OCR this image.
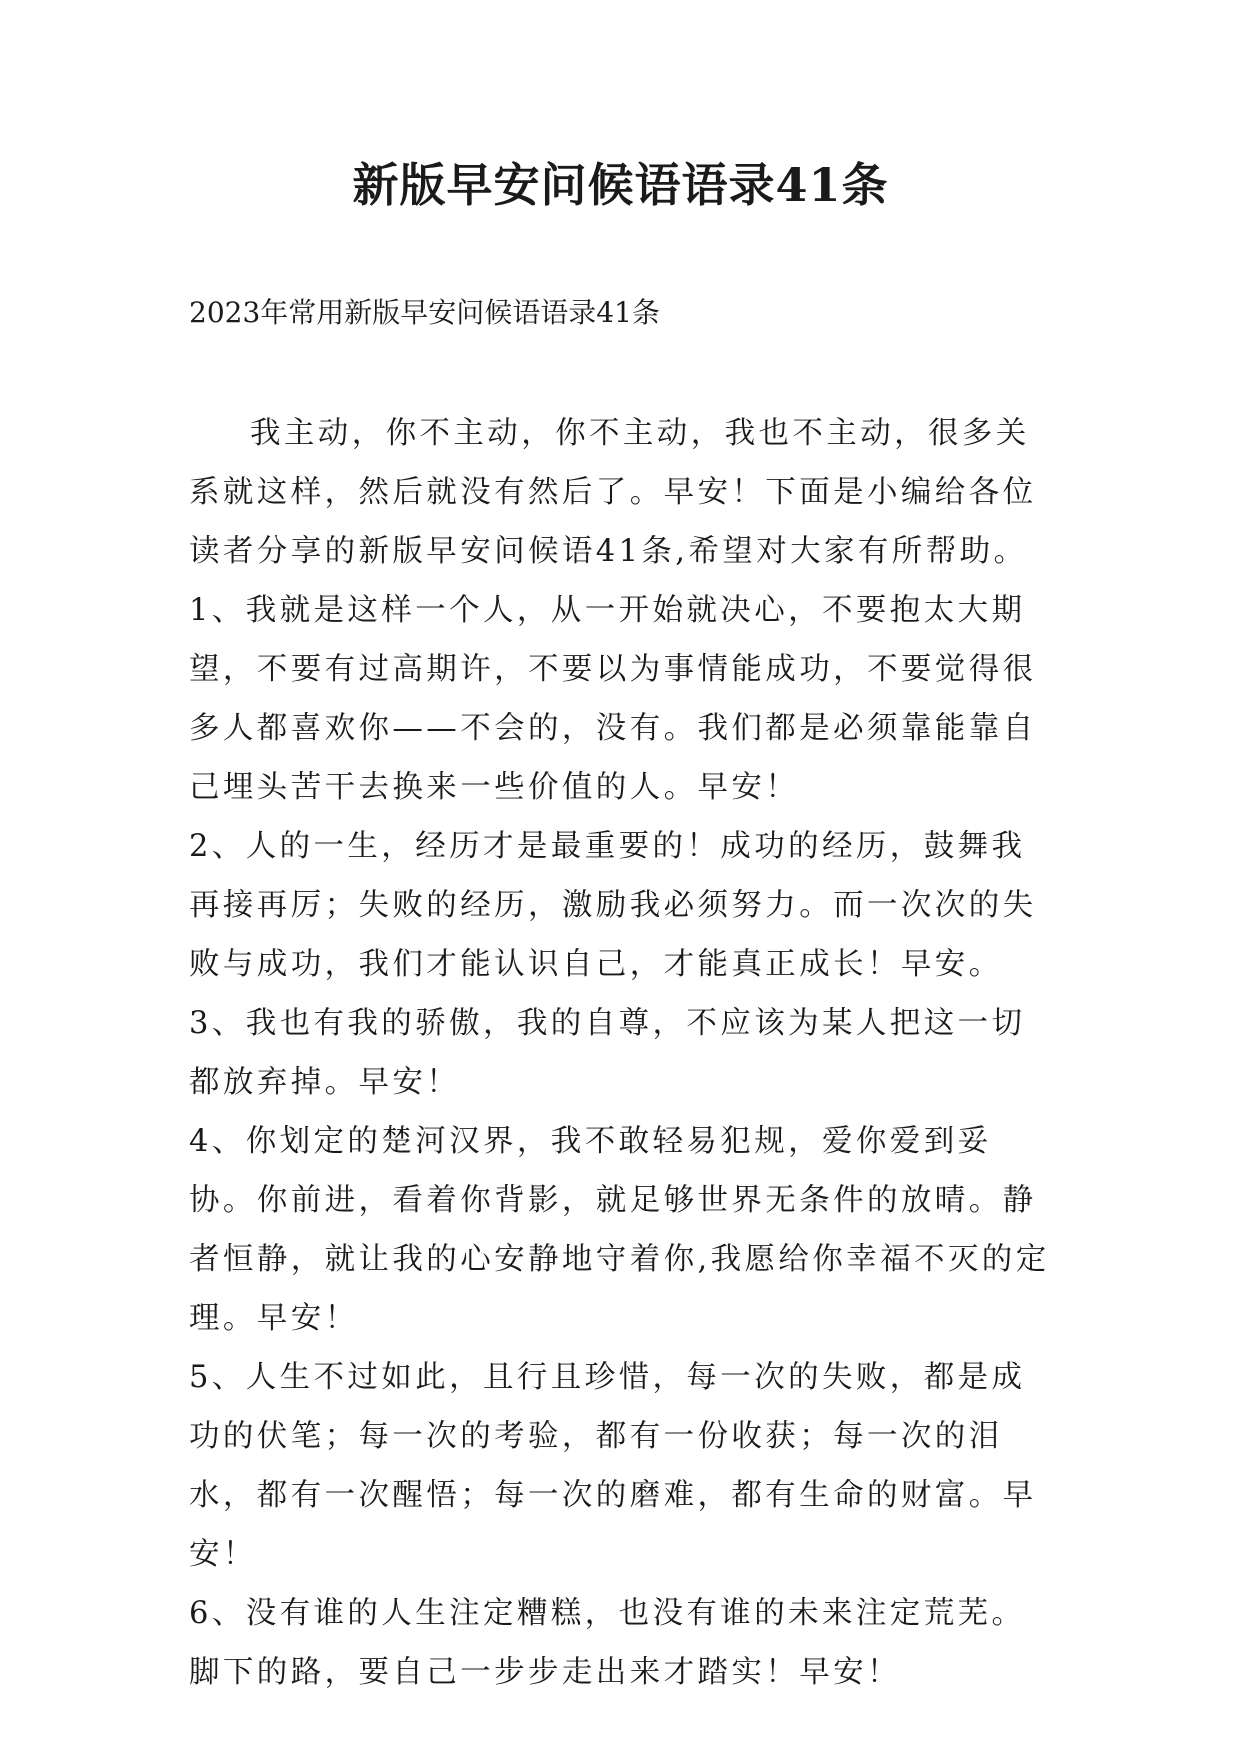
新版早安问候语语录41条

2023年常用新版早安问候语语录41条

我主动，你不主动，你不主动，我也不主动，很多关系就这样，然后就没有然后了。早安！下面是小编给各位读者分享的新版早安问候语41条,希望对大家有所帮助。

1、我就是这样一个人，从一开始就决心，不要抱太大期望，不要有过高期许，不要以为事情能成功，不要觉得很多人都喜欢你——不会的，没有。我们都是必须靠能靠自己埋头苦干去换来一些价值的人。早安！

2、人的一生，经历才是最重要的！成功的经历，鼓舞我再接再厉；失败的经历，激励我必须努力。而一次次的失败与成功，我们才能认识自己，才能真正成长！早安。

3、我也有我的骄傲，我的自尊，不应该为某人把这一切都放弃掉。早安！

4、你划定的楚河汉界，我不敢轻易犯规，爱你爱到妥协。你前进，看着你背影，就足够世界无条件的放晴。静者恒静，就让我的心安静地守着你,我愿给你幸福不灭的定理。早安！

5、人生不过如此，且行且珍惜，每一次的失败，都是成功的伏笔；每一次的考验，都有一份收获；每一次的泪水，都有一次醒悟；每一次的磨难，都有生命的财富。早安！

6、没有谁的人生注定糟糕，也没有谁的未来注定荒芜。脚下的路，要自己一步步走出来才踏实！早安！
